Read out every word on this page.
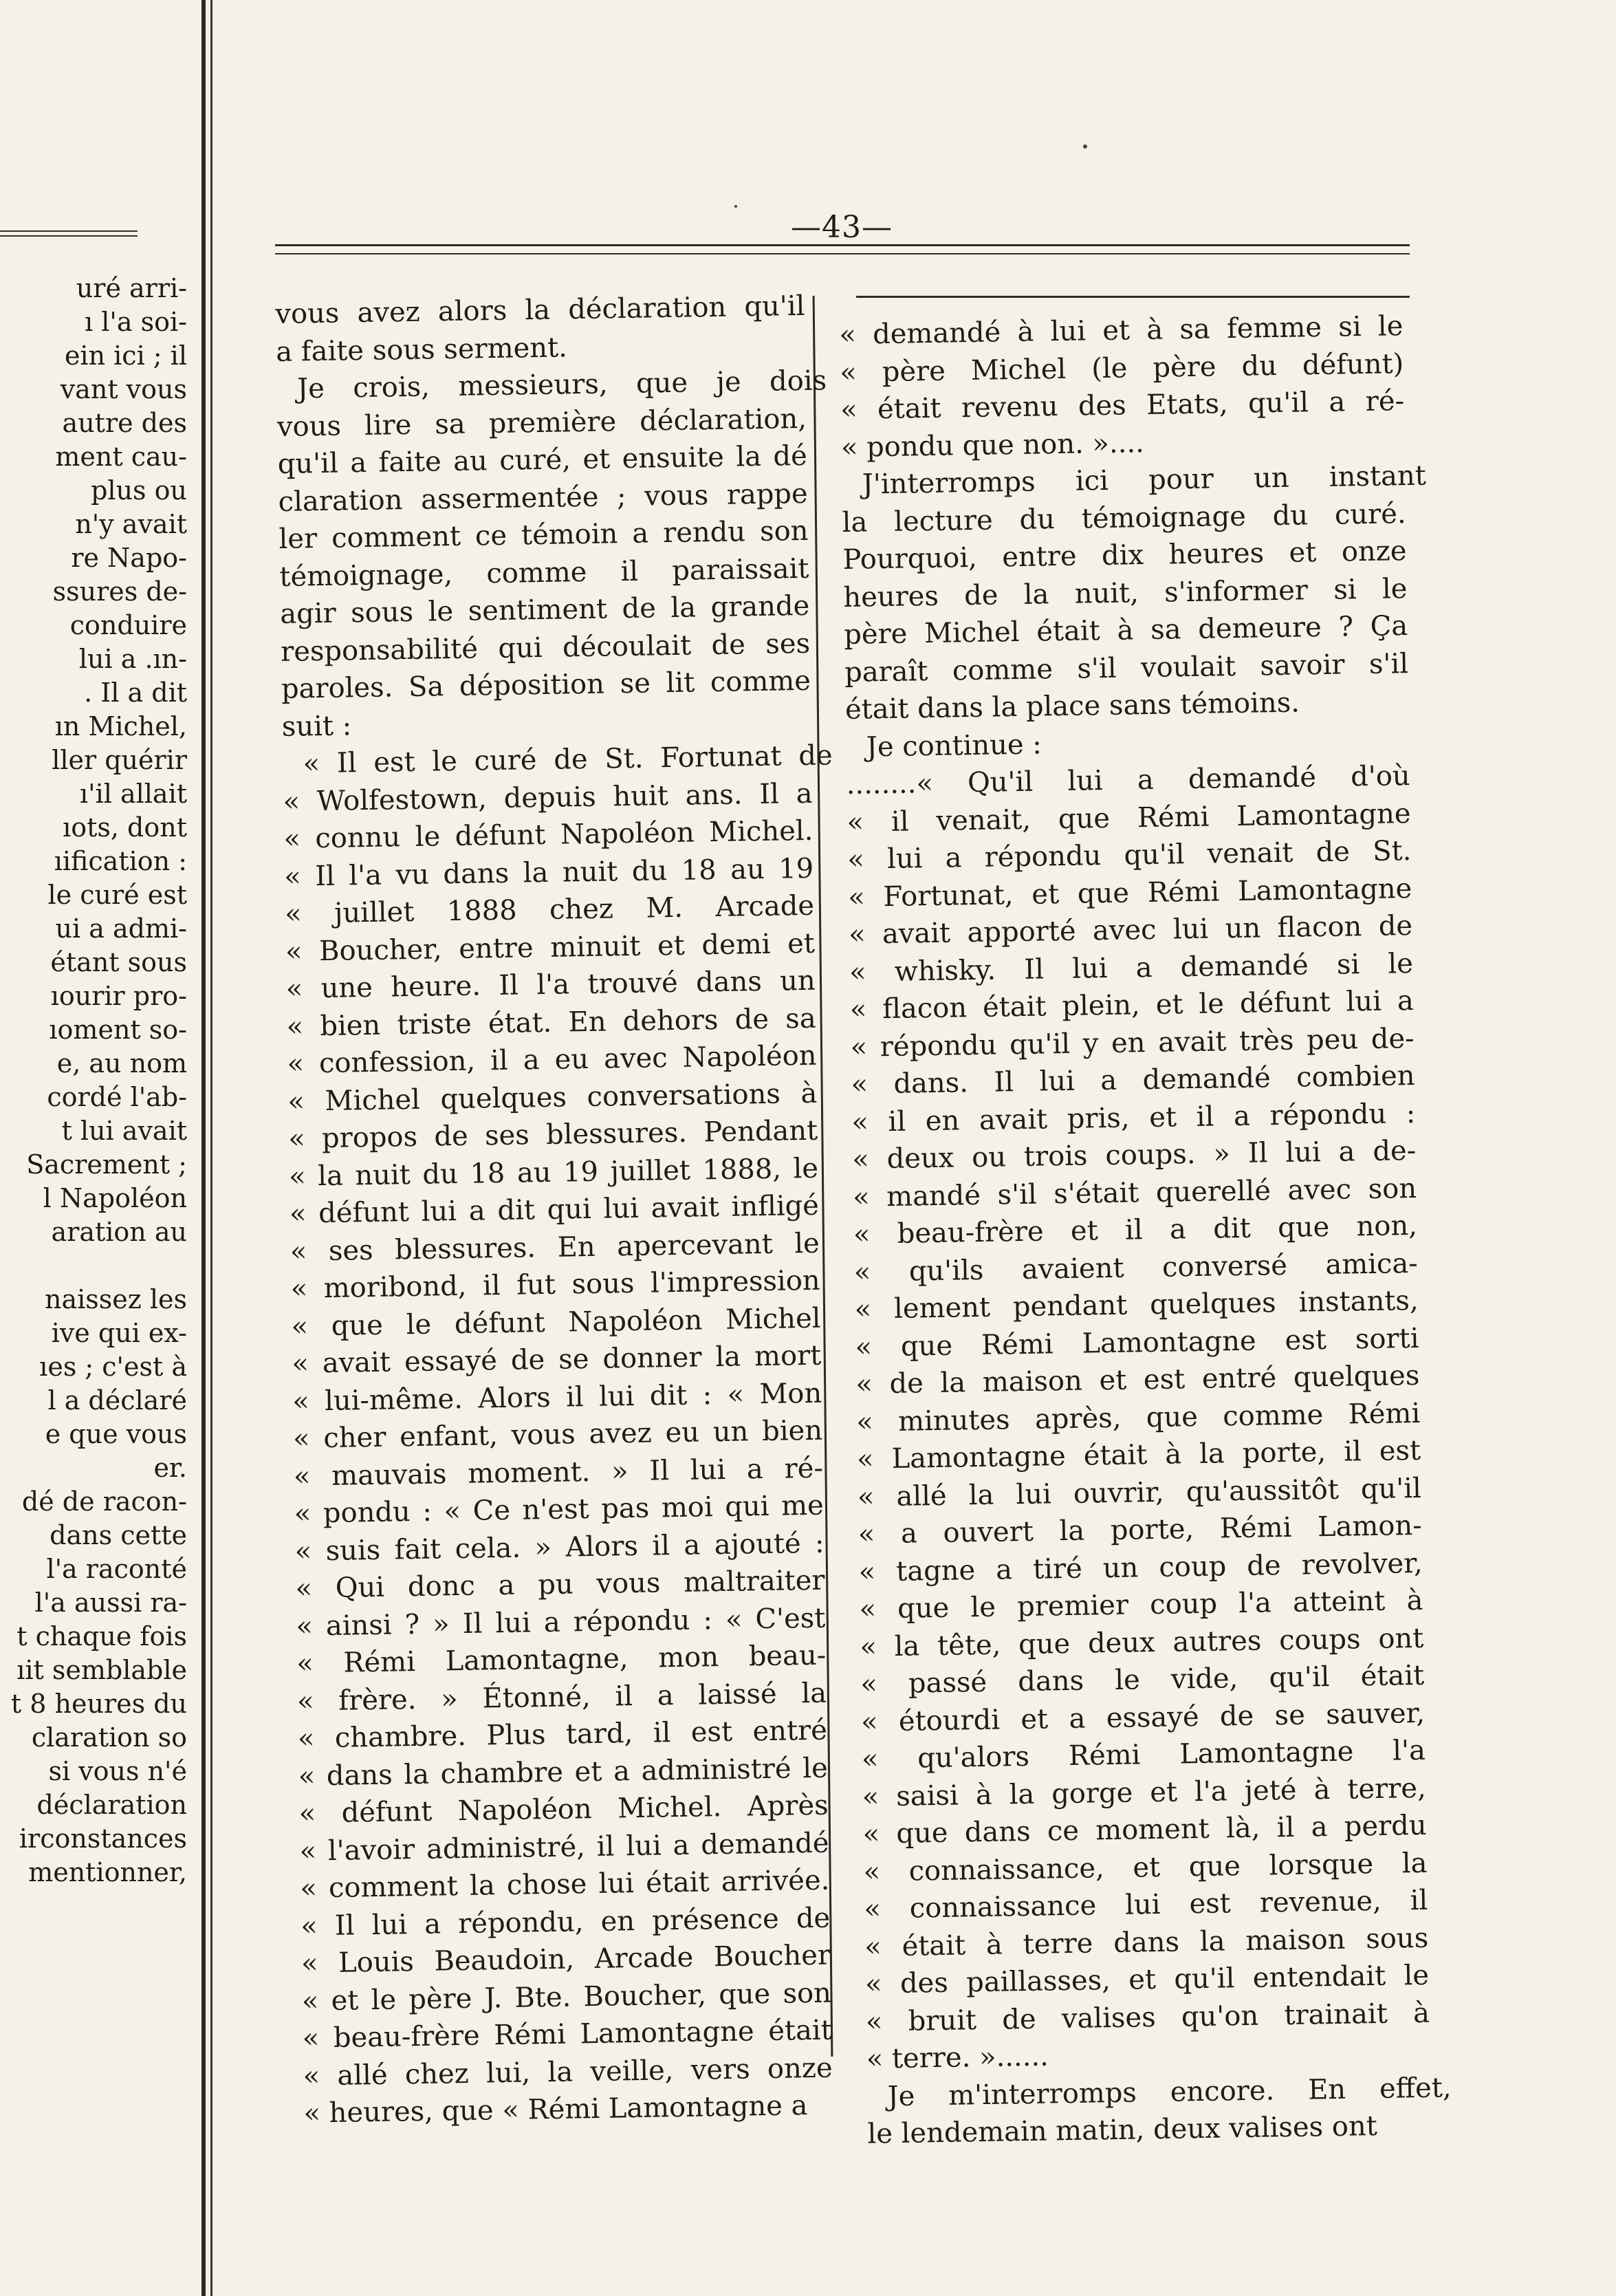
uré arri-
ı l'a soi-
ein ici ; il
vant vous
autre des
ment cau-
plus ou
n'y avait
re Napo-
ssures de-
conduire
lui a .ın-
. Il a dit
ın Michel,
ller quérir
ı'il allait
ıots, dont
ıification :
le curé est
ui a admi-
étant sous
ıourir pro-
ıoment so-
e, au nom
cordé l'ab-
t lui avait
Sacrement ;
l Napoléon
aration au
naissez les
ive qui ex-
ıes ; c'est à
l a déclaré
e que vous
er.
dé de racon-
dans cette
l'a raconté
l'a aussi ra-
t chaque fois
ıit semblable
t 8 heures du
claration so
si vous n'é
déclaration
irconstances
mentionner,
—43—
vous avez alors la déclaration qu'il
a faite sous serment.
Je crois, messieurs, que je dois
vous lire sa première déclaration,
qu'il a faite au curé, et ensuite la dé
claration assermentée ; vous rappe
ler comment ce témoin a rendu son
témoignage, comme il paraissait
agir sous le sentiment de la grande
responsabilité qui découlait de ses
paroles. Sa déposition se lit comme
suit :
« Il est le curé de St. Fortunat de
« Wolfestown, depuis huit ans. Il a
« connu le défunt Napoléon Michel.
« Il l'a vu dans la nuit du 18 au 19
« juillet 1888 chez M. Arcade
« Boucher, entre minuit et demi et
« une heure. Il l'a trouvé dans un
« bien triste état. En dehors de sa
« confession, il a eu avec Napoléon
« Michel quelques conversations à
« propos de ses blessures. Pendant
« la nuit du 18 au 19 juillet 1888, le
« défunt lui a dit qui lui avait infligé
« ses blessures. En apercevant le
« moribond, il fut sous l'impression
« que le défunt Napoléon Michel
« avait essayé de se donner la mort
« lui-même. Alors il lui dit : « Mon
« cher enfant, vous avez eu un bien
« mauvais moment. » Il lui a ré-
« pondu : « Ce n'est pas moi qui me
« suis fait cela. » Alors il a ajouté :
« Qui donc a pu vous maltraiter
« ainsi ? » Il lui a répondu : « C'est
« Rémi Lamontagne, mon beau-
« frère. » Étonné, il a laissé la
« chambre. Plus tard, il est entré
« dans la chambre et a administré le
« défunt Napoléon Michel. Après
« l'avoir administré, il lui a demandé
« comment la chose lui était arrivée.
« Il lui a répondu, en présence de
« Louis Beaudoin, Arcade Boucher
« et le père J. Bte. Boucher, que son
« beau-frère Rémi Lamontagne était
« allé chez lui, la veille, vers onze
« heures, que « Rémi Lamontagne a
« demandé à lui et à sa femme si le
« père Michel (le père du défunt)
« était revenu des Etats, qu'il a ré-
« pondu que non. »....
J'interromps ici pour un instant
la lecture du témoignage du curé.
Pourquoi, entre dix heures et onze
heures de la nuit, s'informer si le
père Michel était à sa demeure ? Ça
paraît comme s'il voulait savoir s'il
était dans la place sans témoins.
Je continue :
........« Qu'il lui a demandé d'où
« il venait, que Rémi Lamontagne
« lui a répondu qu'il venait de St.
« Fortunat, et que Rémi Lamontagne
« avait apporté avec lui un flacon de
« whisky. Il lui a demandé si le
« flacon était plein, et le défunt lui a
« répondu qu'il y en avait très peu de-
« dans. Il lui a demandé combien
« il en avait pris, et il a répondu :
« deux ou trois coups. » Il lui a de-
« mandé s'il s'était querellé avec son
« beau-frère et il a dit que non,
« qu'ils avaient conversé amica-
« lement pendant quelques instants,
« que Rémi Lamontagne est sorti
« de la maison et est entré quelques
« minutes après, que comme Rémi
« Lamontagne était à la porte, il est
« allé la lui ouvrir, qu'aussitôt qu'il
« a ouvert la porte, Rémi Lamon-
« tagne a tiré un coup de revolver,
« que le premier coup l'a atteint à
« la tête, que deux autres coups ont
« passé dans le vide, qu'il était
« étourdi et a essayé de se sauver,
« qu'alors Rémi Lamontagne l'a
« saisi à la gorge et l'a jeté à terre,
« que dans ce moment là, il a perdu
« connaissance, et que lorsque la
« connaissance lui est revenue, il
« était à terre dans la maison sous
« des paillasses, et qu'il entendait le
« bruit de valises qu'on trainait à
« terre. »......
Je m'interromps encore. En effet,
le lendemain matin, deux valises ont
